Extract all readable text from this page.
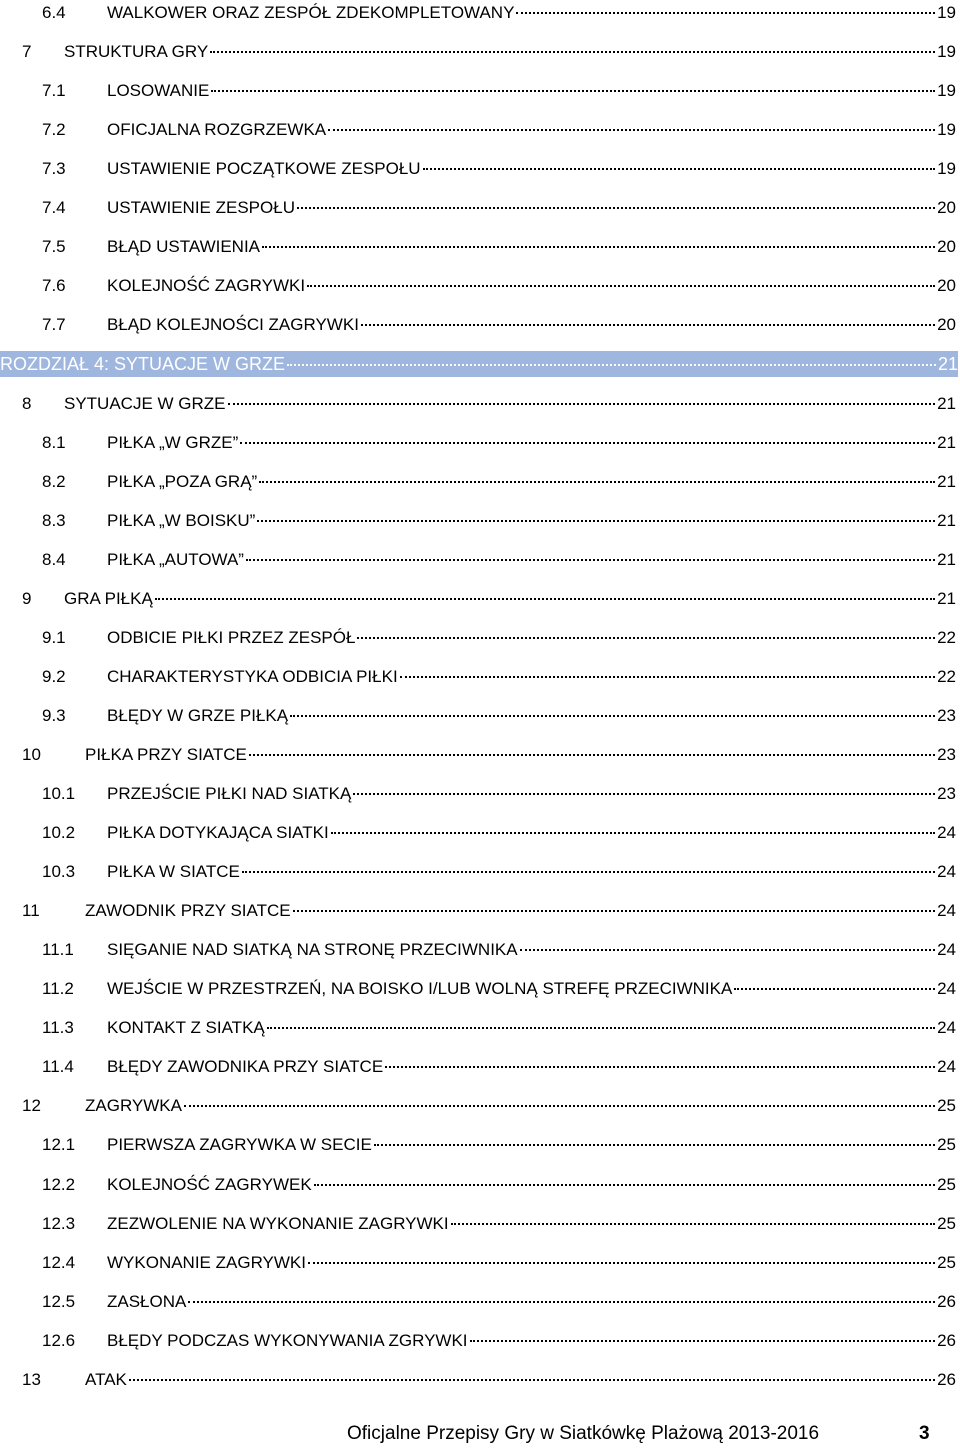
6.4	WALKOWER ORAZ ZESPÓŁ ZDEKOMPLETOWANY	19
7	STRUKTURA GRY	19
7.1	LOSOWANIE	19
7.2	OFICJALNA ROZGRZEWKA	19
7.3	USTAWIENIE POCZĄTKOWE ZESPOŁU	19
7.4	USTAWIENIE ZESPOŁU	20
7.5	BŁĄD USTAWIENIA	20
7.6	KOLEJNOŚĆ ZAGRYWKI	20
7.7	BŁĄD KOLEJNOŚCI ZAGRYWKI	20
ROZDZIAŁ 4: SYTUACJE W GRZE	21
8	SYTUACJE W GRZE	21
8.1	PIŁKA „W GRZE”	21
8.2	PIŁKA „POZA GRĄ”	21
8.3	PIŁKA „W BOISKU”	21
8.4	PIŁKA „AUTOWA”	21
9	GRA PIŁKĄ	21
9.1	ODBICIE PIŁKI PRZEZ ZESPÓŁ	22
9.2	CHARAKTERYSTYKA ODBICIA PIŁKI	22
9.3	BŁĘDY W GRZE PIŁKĄ	23
10	PIŁKA PRZY SIATCE	23
10.1	PRZEJŚCIE PIŁKI NAD SIATKĄ	23
10.2	PIŁKA DOTYKAJĄCA SIATKI	24
10.3	PIŁKA W SIATCE	24
11	ZAWODNIK PRZY SIATCE	24
11.1	SIĘGANIE NAD SIATKĄ NA STRONĘ PRZECIWNIKA	24
11.2	WEJŚCIE W PRZESTRZEŃ, NA BOISKO I/LUB WOLNĄ STREFĘ PRZECIWNIKA	24
11.3	KONTAKT Z SIATKĄ	24
11.4	BŁĘDY ZAWODNIKA PRZY SIATCE	24
12	ZAGRYWKA	25
12.1	PIERWSZA ZAGRYWKA W SECIE	25
12.2	KOLEJNOŚĆ ZAGRYWEK	25
12.3	ZEZWOLENIE NA WYKONANIE ZAGRYWKI	25
12.4	WYKONANIE ZAGRYWKI	25
12.5	ZASŁONA	26
12.6	BŁĘDY PODCZAS WYKONYWANIA ZGRYWKI	26
13	ATAK	26
Oficjalne Przepisy Gry w Siatkówkę Plażową 2013-2016	3
